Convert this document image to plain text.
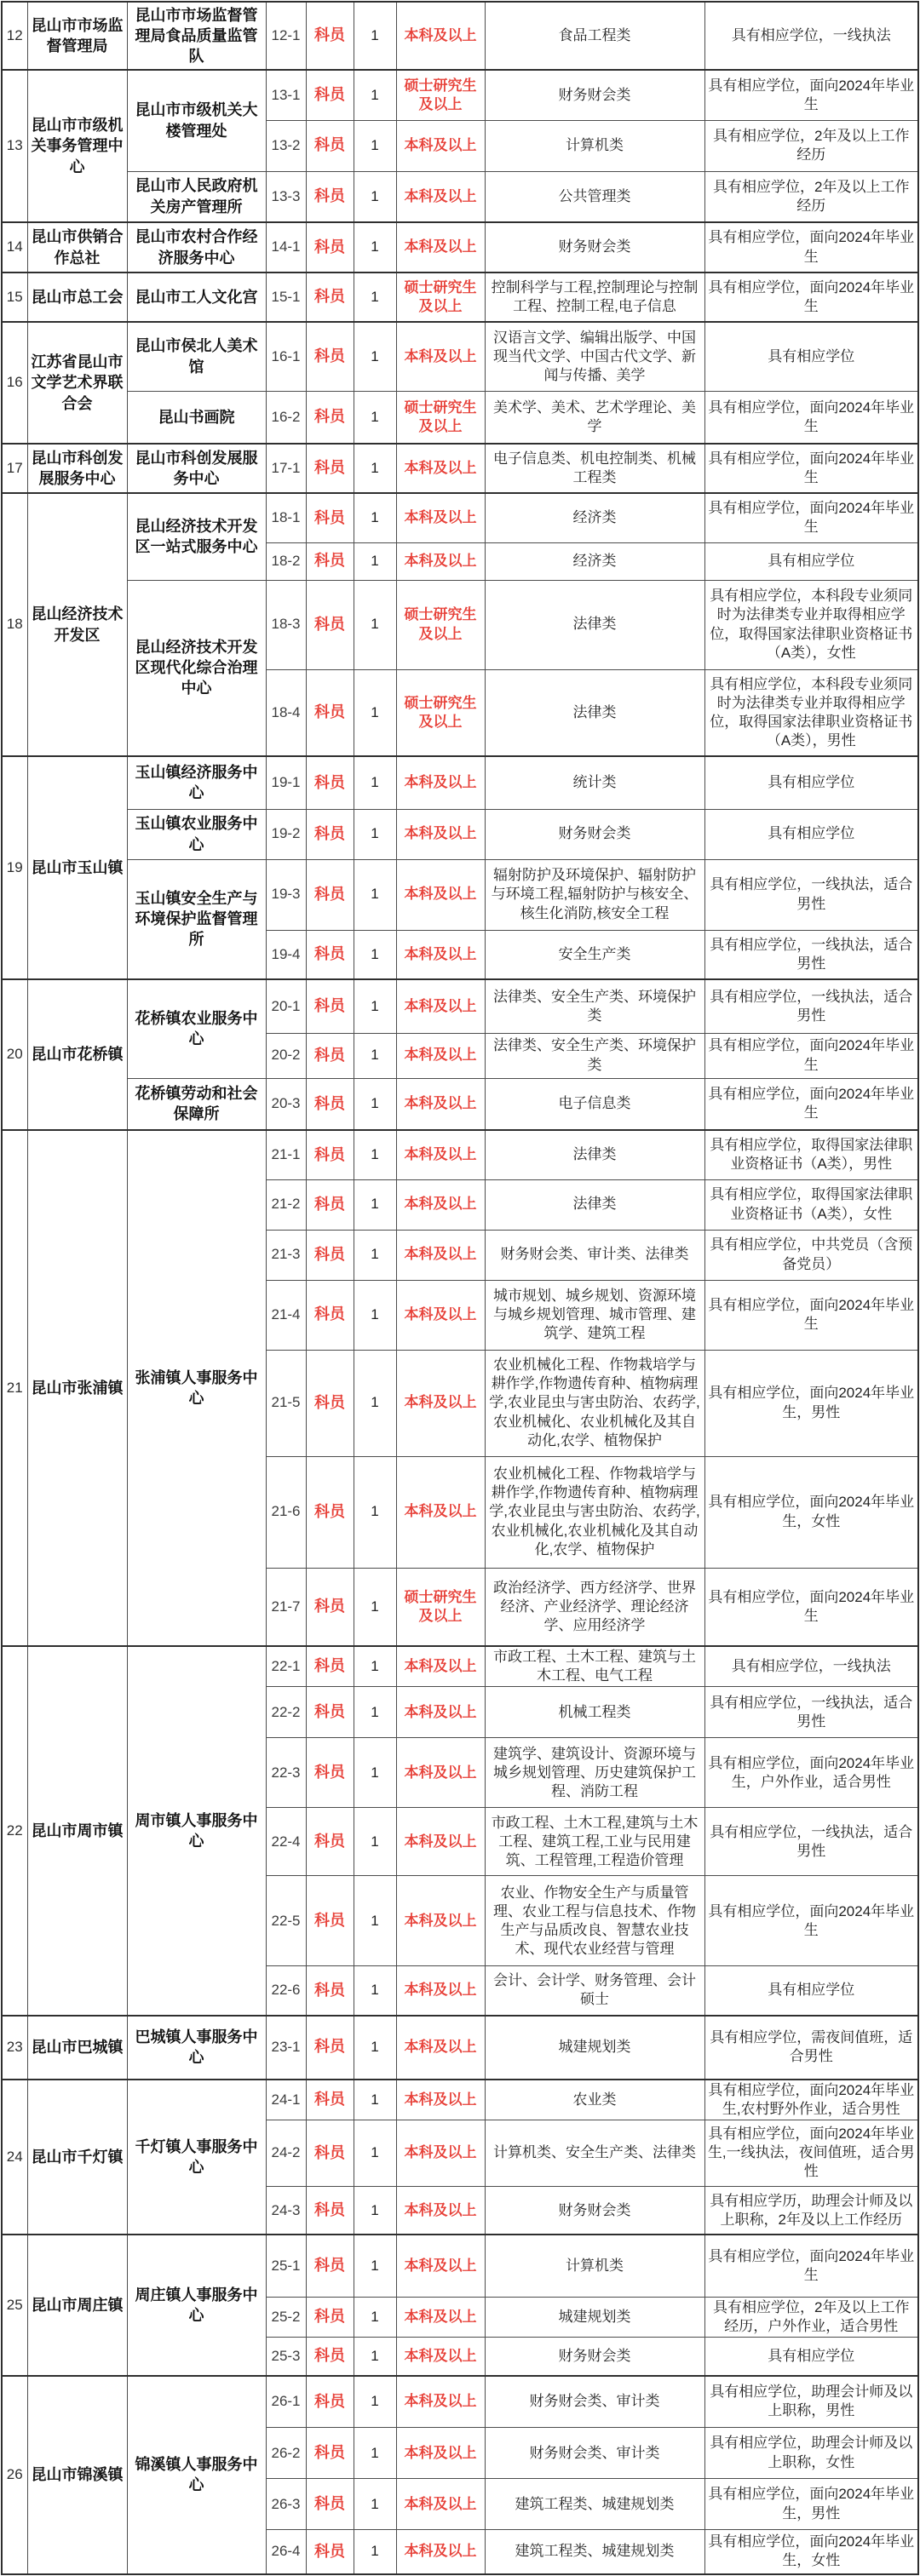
12	昆山市市场监督管理局	昆山市市场监督管理局食品质量监管队	12-1	科员	1	本科及以上	食品工程类	具有相应学位，一线执法
13	昆山市市级机关事务管理中心	昆山市市级机关大楼管理处	13-1	科员	1	硕士研究生及以上	财务财会类	具有相应学位，面向2024年毕业生
			13-2	科员	1	本科及以上	计算机类	具有相应学位，2年及以上工作经历
		昆山市人民政府机关房产管理所	13-3	科员	1	本科及以上	公共管理类	具有相应学位，2年及以上工作经历
14	昆山市供销合作总社	昆山市农村合作经济服务中心	14-1	科员	1	本科及以上	财务财会类	具有相应学位，面向2024年毕业生
15	昆山市总工会	昆山市工人文化宫	15-1	科员	1	硕士研究生及以上	控制科学与工程,控制理论与控制工程、控制工程,电子信息	具有相应学位，面向2024年毕业生
16	江苏省昆山市文学艺术界联合会	昆山市侯北人美术馆	16-1	科员	1	本科及以上	汉语言文学、编辑出版学、中国现当代文学、中国古代文学、新闻与传播、美学	具有相应学位
		昆山书画院	16-2	科员	1	硕士研究生及以上	美术学、美术、艺术学理论、美学	具有相应学位，面向2024年毕业生
17	昆山市科创发展服务中心	昆山市科创发展服务中心	17-1	科员	1	本科及以上	电子信息类、机电控制类、机械工程类	具有相应学位，面向2024年毕业生
18	昆山经济技术开发区	昆山经济技术开发区一站式服务中心	18-1	科员	1	本科及以上	经济类	具有相应学位，面向2024年毕业生
			18-2	科员	1	本科及以上	经济类	具有相应学位
		昆山经济技术开发区现代化综合治理中心	18-3	科员	1	硕士研究生及以上	法律类	具有相应学位，本科段专业须同时为法律类专业并取得相应学位，取得国家法律职业资格证书（A类），女性
			18-4	科员	1	硕士研究生及以上	法律类	具有相应学位，本科段专业须同时为法律类专业并取得相应学位，取得国家法律职业资格证书（A类），男性
19	昆山市玉山镇	玉山镇经济服务中心	19-1	科员	1	本科及以上	统计类	具有相应学位
		玉山镇农业服务中心	19-2	科员	1	本科及以上	财务财会类	具有相应学位
		玉山镇安全生产与环境保护监督管理所	19-3	科员	1	本科及以上	辐射防护及环境保护、辐射防护与环境工程,辐射防护与核安全、核生化消防,核安全工程	具有相应学位，一线执法，适合男性
			19-4	科员	1	本科及以上	安全生产类	具有相应学位，一线执法，适合男性
20	昆山市花桥镇	花桥镇农业服务中心	20-1	科员	1	本科及以上	法律类、安全生产类、环境保护类	具有相应学位，一线执法，适合男性
			20-2	科员	1	本科及以上	法律类、安全生产类、环境保护类	具有相应学位，面向2024年毕业生
		花桥镇劳动和社会保障所	20-3	科员	1	本科及以上	电子信息类	具有相应学位，面向2024年毕业生
21	昆山市张浦镇	张浦镇人事服务中心	21-1	科员	1	本科及以上	法律类	具有相应学位，取得国家法律职业资格证书（A类），男性
			21-2	科员	1	本科及以上	法律类	具有相应学位，取得国家法律职业资格证书（A类），女性
			21-3	科员	1	本科及以上	财务财会类、审计类、法律类	具有相应学位，中共党员（含预备党员）
			21-4	科员	1	本科及以上	城市规划、城乡规划、资源环境与城乡规划管理、城市管理、建筑学、建筑工程	具有相应学位，面向2024年毕业生
			21-5	科员	1	本科及以上	农业机械化工程、作物栽培学与耕作学,作物遗传育种、植物病理学,农业昆虫与害虫防治、农药学,农业机械化、农业机械化及其自动化,农学、植物保护	具有相应学位，面向2024年毕业生，男性
			21-6	科员	1	本科及以上	农业机械化工程、作物栽培学与耕作学,作物遗传育种、植物病理学,农业昆虫与害虫防治、农药学,农业机械化,农业机械化及其自动化,农学、植物保护	具有相应学位，面向2024年毕业生，女性
			21-7	科员	1	硕士研究生及以上	政治经济学、西方经济学、世界经济、产业经济学、理论经济学、应用经济学	具有相应学位，面向2024年毕业生
22	昆山市周市镇	周市镇人事服务中心	22-1	科员	1	本科及以上	市政工程、土木工程、建筑与土木工程、电气工程	具有相应学位，一线执法
			22-2	科员	1	本科及以上	机械工程类	具有相应学位，一线执法，适合男性
			22-3	科员	1	本科及以上	建筑学、建筑设计、资源环境与城乡规划管理、历史建筑保护工程、消防工程	具有相应学位，面向2024年毕业生，户外作业，适合男性
			22-4	科员	1	本科及以上	市政工程、土木工程,建筑与土木工程、建筑工程,工业与民用建筑、工程管理,工程造价管理	具有相应学位，一线执法，适合男性
			22-5	科员	1	本科及以上	农业、作物安全生产与质量管理、农业工程与信息技术、作物生产与品质改良、智慧农业技术、现代农业经营与管理	具有相应学位，面向2024年毕业生
			22-6	科员	1	本科及以上	会计、会计学、财务管理、会计硕士	具有相应学位
23	昆山市巴城镇	巴城镇人事服务中心	23-1	科员	1	本科及以上	城建规划类	具有相应学位，需夜间值班，适合男性
24	昆山市千灯镇	千灯镇人事服务中心	24-1	科员	1	本科及以上	农业类	具有相应学位，面向2024年毕业生,农村野外作业，适合男性
			24-2	科员	1	本科及以上	计算机类、安全生产类、法律类	具有相应学位，面向2024年毕业生,一线执法，夜间值班，适合男性
			24-3	科员	1	本科及以上	财务财会类	具有相应学历，助理会计师及以上职称，2年及以上工作经历
25	昆山市周庄镇	周庄镇人事服务中心	25-1	科员	1	本科及以上	计算机类	具有相应学位，面向2024年毕业生
			25-2	科员	1	本科及以上	城建规划类	具有相应学位，2年及以上工作经历，户外作业，适合男性
			25-3	科员	1	本科及以上	财务财会类	具有相应学位
26	昆山市锦溪镇	锦溪镇人事服务中心	26-1	科员	1	本科及以上	财务财会类、审计类	具有相应学位，助理会计师及以上职称，男性
			26-2	科员	1	本科及以上	财务财会类、审计类	具有相应学位，助理会计师及以上职称，女性
			26-3	科员	1	本科及以上	建筑工程类、城建规划类	具有相应学位，面向2024年毕业生，男性
			26-4	科员	1	本科及以上	建筑工程类、城建规划类	具有相应学位，面向2024年毕业生，女性
